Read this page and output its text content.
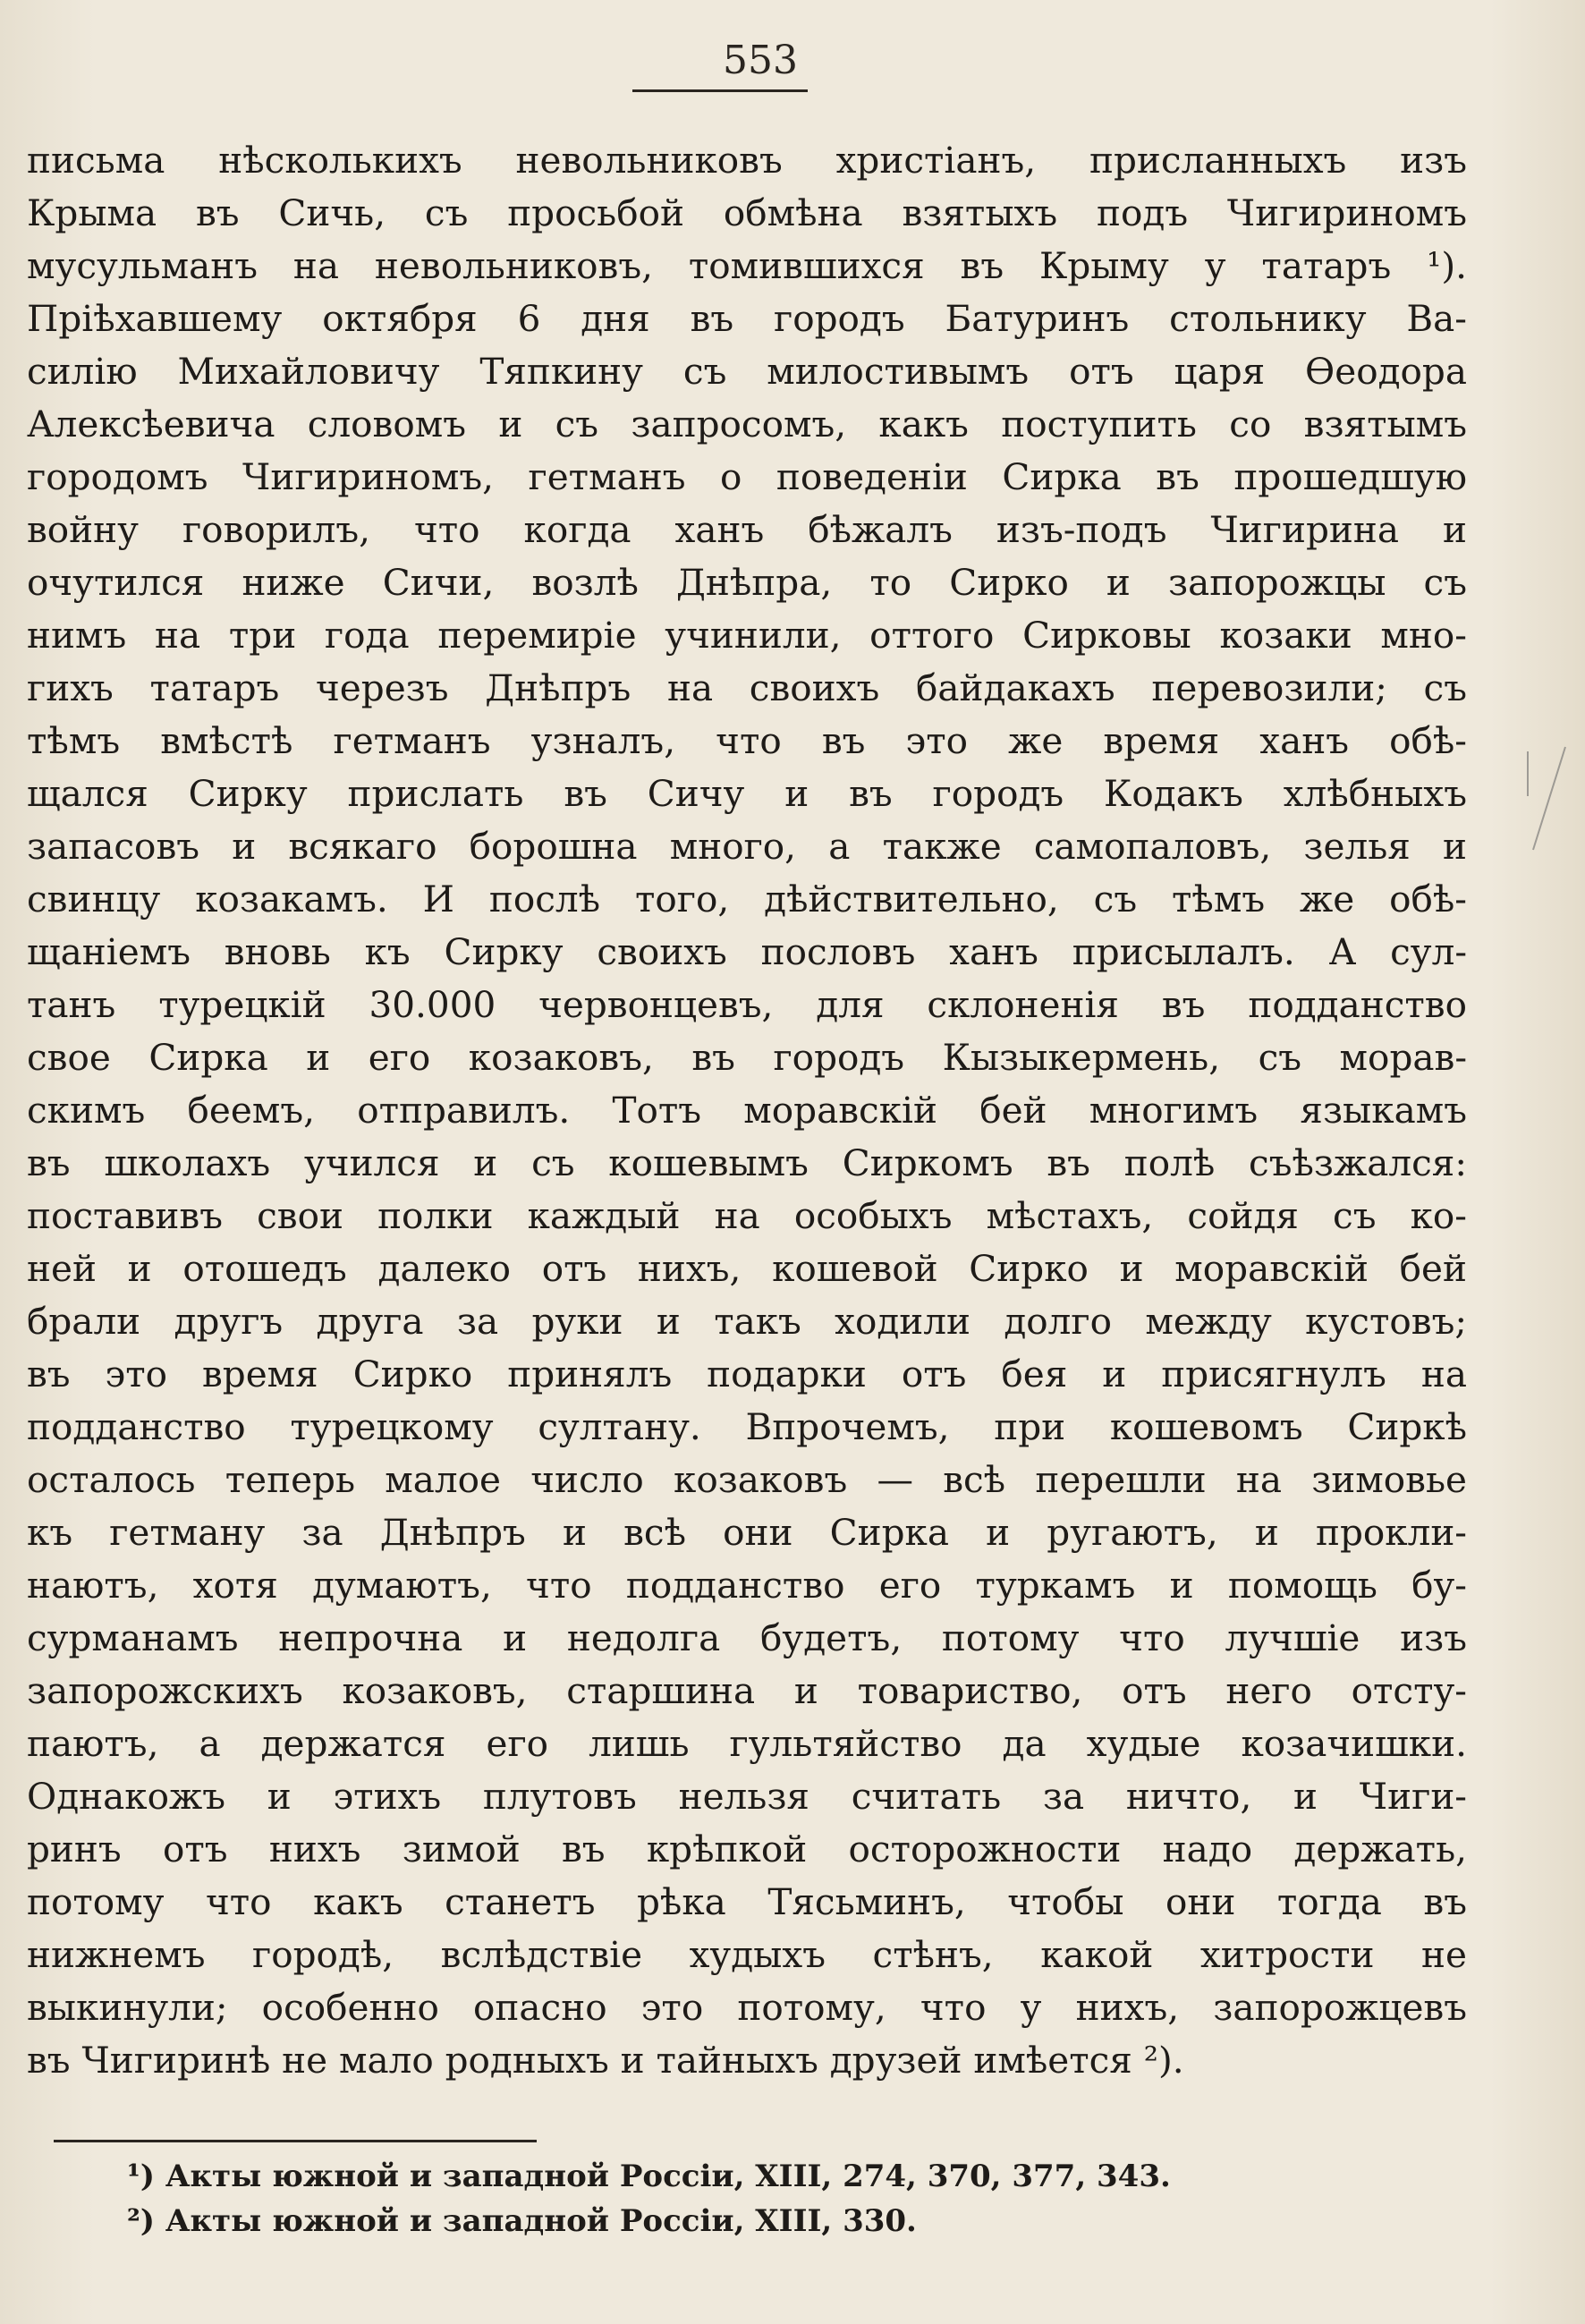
553
письма нѣсколькихъ невольниковъ христіанъ, присланныхъ изъ
Крыма въ Сичь, съ просьбой обмѣна взятыхъ подъ Чигириномъ
мусульманъ на невольниковъ, томившихся въ Крыму у татаръ ¹).
Пріѣхавшему октября 6 дня въ городъ Батуринъ стольнику Ва-
силію Михайловичу Тяпкину съ милостивымъ отъ царя Ѳеодора
Алексѣевича словомъ и съ запросомъ, какъ поступить со взятымъ
городомъ Чигириномъ, гетманъ о поведеніи Сирка въ прошедшую
войну говорилъ, что когда ханъ бѣжалъ изъ-подъ Чигирина и
очутился ниже Сичи, возлѣ Днѣпра, то Сирко и запорожцы съ
нимъ на три года перемиріе учинили, оттого Сирковы козаки мно-
гихъ татаръ черезъ Днѣпръ на своихъ байдакахъ перевозили; съ
тѣмъ вмѣстѣ гетманъ узналъ, что въ это же время ханъ обѣ-
щался Сирку прислать въ Сичу и въ городъ Кодакъ хлѣбныхъ
запасовъ и всякаго борошна много, а также самопаловъ, зелья и
свинцу козакамъ. И послѣ того, дѣйствительно, съ тѣмъ же обѣ-
щаніемъ вновь къ Сирку своихъ пословъ ханъ присылалъ. А сул-
танъ турецкій 30.000 червонцевъ, для склоненія въ подданство
свое Сирка и его козаковъ, въ городъ Кызыкермень, съ морав-
скимъ беемъ, отправилъ. Тотъ моравскій бей многимъ языкамъ
въ школахъ учился и съ кошевымъ Сиркомъ въ полѣ съѣзжался:
поставивъ свои полки каждый на особыхъ мѣстахъ, сойдя съ ко-
ней и отошедъ далеко отъ нихъ, кошевой Сирко и моравскій бей
брали другъ друга за руки и такъ ходили долго между кустовъ;
въ это время Сирко принялъ подарки отъ бея и присягнулъ на
подданство турецкому султану. Впрочемъ, при кошевомъ Сиркѣ
осталось теперь малое число козаковъ — всѣ перешли на зимовье
къ гетману за Днѣпръ и всѣ они Сирка и ругаютъ, и прокли-
наютъ, хотя думаютъ, что подданство его туркамъ и помощь бу-
сурманамъ непрочна и недолга будетъ, потому что лучшіе изъ
запорожскихъ козаковъ, старшина и товариство, отъ него отсту-
паютъ, а держатся его лишь гультяйство да худые козачишки.
Однакожъ и этихъ плутовъ нельзя считать за ничто, и Чиги-
ринъ отъ нихъ зимой въ крѣпкой осторожности надо держать,
потому что какъ станетъ рѣка Тясьминъ, чтобы они тогда въ
нижнемъ городѣ, вслѣдствіе худыхъ стѣнъ, какой хитрости не
выкинули; особенно опасно это потому, что у нихъ, запорожцевъ
въ Чигиринѣ не мало родныхъ и тайныхъ друзей имѣется ²).
¹) Акты южной и западной Россіи, XIII, 274, 370, 377, 343.
²) Акты южной и западной Россіи, XIII, 330.
